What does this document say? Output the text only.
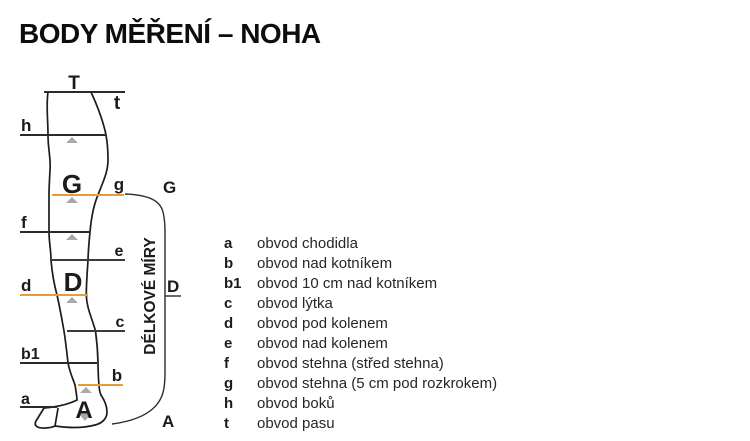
BODY MĚŘENÍ – NOHA
T
t
h
G g
f
e
D
d
c
b1
b
a A
G
D
A
DÉLKOVÉ MÍRY	a	obvod chodidla
b	obvod nad kotníkem
b1	obvod 10 cm nad kotníkem
c	obvod lýtka
d	obvod pod kolenem
e	obvod nad kolenem
f	obvod stehna (střed stehna)
g	obvod stehna (5 cm pod rozkrokem)
h	obvod boků
t	obvod pasu
